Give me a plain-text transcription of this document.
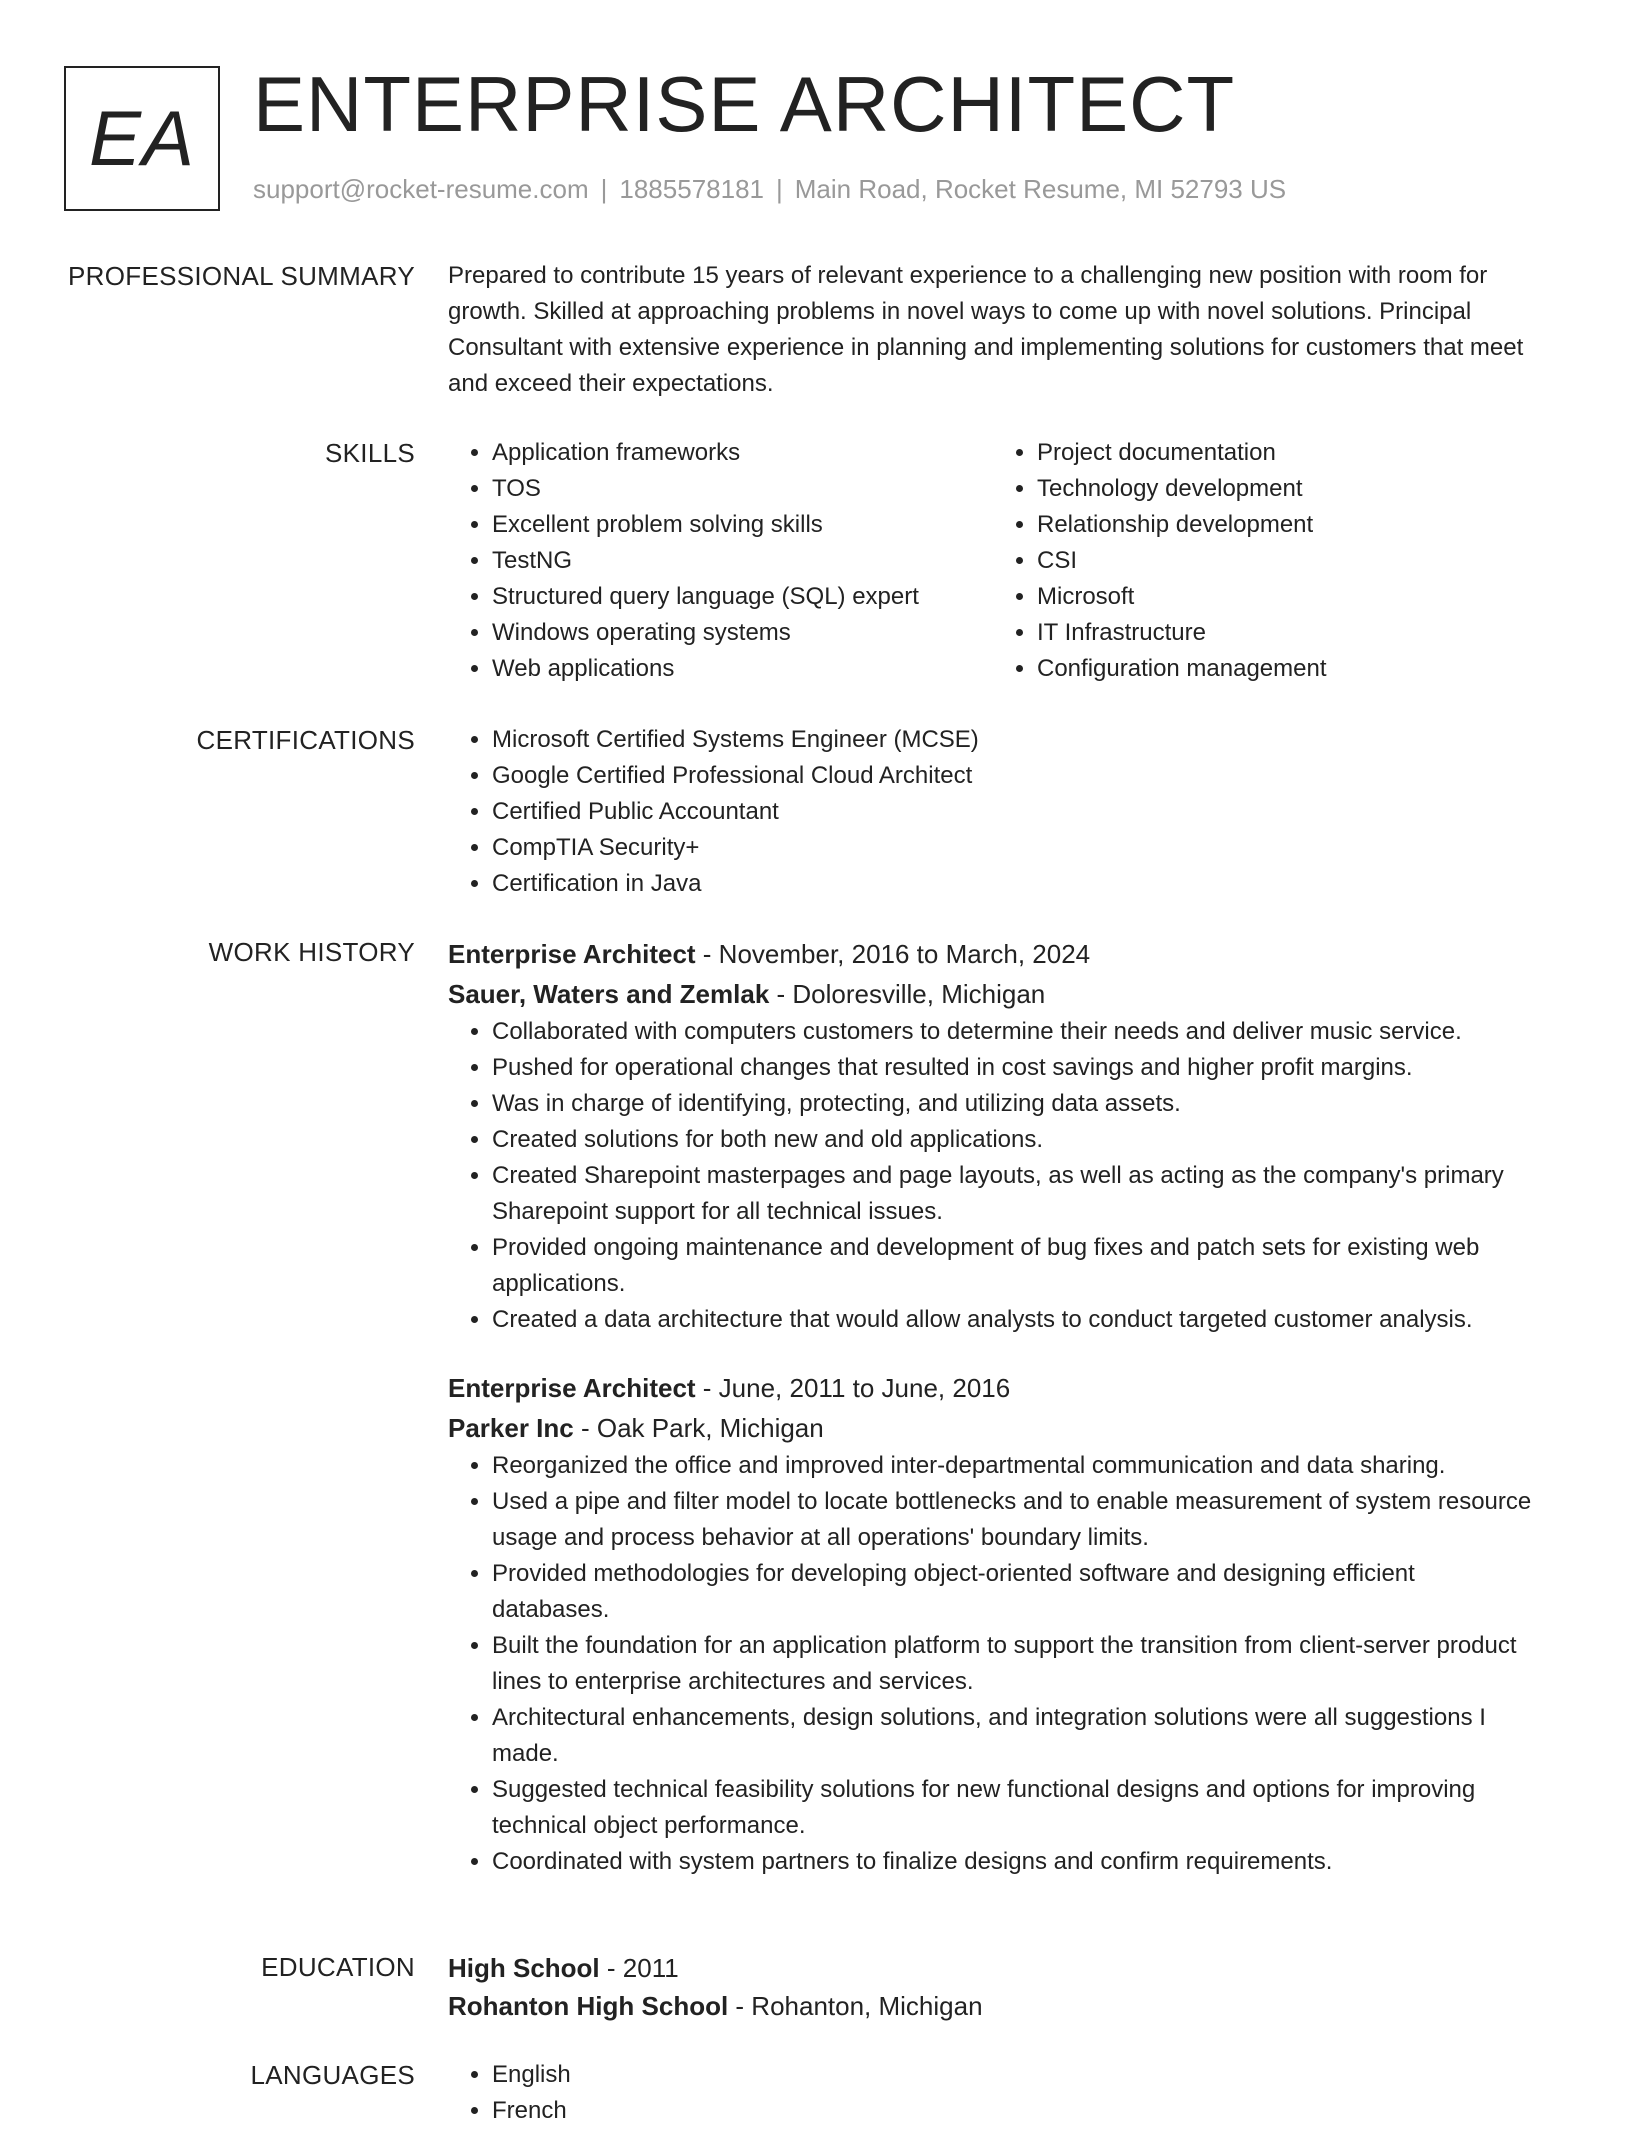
EA ENTERPRISE ARCHITECT
support@rocket-resume.com | 1885578181 | Main Road, Rocket Resume, MI 52793 US
PROFESSIONAL SUMMARY Prepared to contribute 15 years of relevant experience to a challenging new position with room for growth. Skilled at approaching problems in novel ways to come up with novel solutions. Principal Consultant with extensive experience in planning and implementing solutions for customers that meet and exceed their expectations.
SKILLS	• Application frameworks
• TOS
• Excellent problem solving skills
• TestNG
• Structured query language (SQL) expert
• Windows operating systems
• Web applications
• Project documentation
• Technology development
• Relationship development
• CSI
• Microsoft
• IT Infrastructure
• Configuration management
CERTIFICATIONS	• Microsoft Certified Systems Engineer (MCSE)
• Google Certified Professional Cloud Architect
• Certified Public Accountant
• CompTIA Security+
• Certification in Java
WORK HISTORY Enterprise Architect - November, 2016 to March, 2024
Sauer, Waters and Zemlak - Doloresville, Michigan
• Collaborated with computers customers to determine their needs and deliver music service.
• Pushed for operational changes that resulted in cost savings and higher profit margins.
• Was in charge of identifying, protecting, and utilizing data assets.
• Created solutions for both new and old applications.
• Created Sharepoint masterpages and page layouts, as well as acting as the company's primary Sharepoint support for all technical issues.
• Provided ongoing maintenance and development of bug fixes and patch sets for existing web applications.
• Created a data architecture that would allow analysts to conduct targeted customer analysis.
Enterprise Architect - June, 2011 to June, 2016
Parker Inc - Oak Park, Michigan
• Reorganized the office and improved inter-departmental communication and data sharing.
• Used a pipe and filter model to locate bottlenecks and to enable measurement of system resource usage and process behavior at all operations' boundary limits.
• Provided methodologies for developing object-oriented software and designing efficient databases.
• Built the foundation for an application platform to support the transition from client-server product lines to enterprise architectures and services.
• Architectural enhancements, design solutions, and integration solutions were all suggestions I made.
• Suggested technical feasibility solutions for new functional designs and options for improving technical object performance.
• Coordinated with system partners to finalize designs and confirm requirements.
EDUCATION High School - 2011
Rohanton High School - Rohanton, Michigan
LANGUAGES	• English
• French
